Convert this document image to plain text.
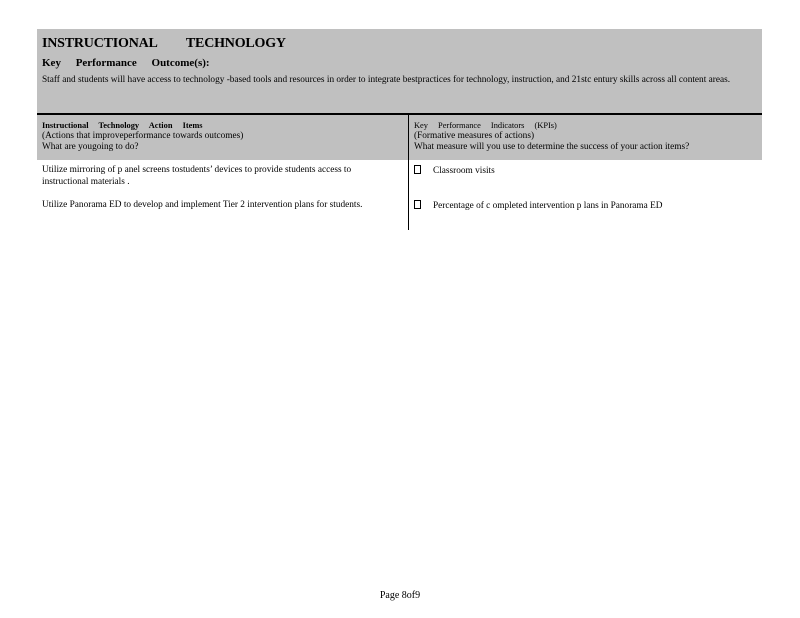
INSTRUCTIONAL TECHNOLOGY
Key Performance Outcome(s):
Staff and students will have access to technology -based tools and resources in order to integrate bestpractices for technology, instruction, and 21stc entury skills across all content areas.
Instructional Technology Action Items
(Actions that improveperformance towards outcomes)
What are yougoing to do?
Key Performance Indicators (KPIs)
(Formative measures of actions)
What measure will you use to determine the success of your action items?
Utilize mirroring of p anel screens tostudents’ devices to provide students access to instructional materials .
Classroom visits
Utilize Panorama ED to develop and implement Tier 2 intervention plans for students.	Percentage of c ompleted intervention p lans in Panorama ED
Page 8of9
